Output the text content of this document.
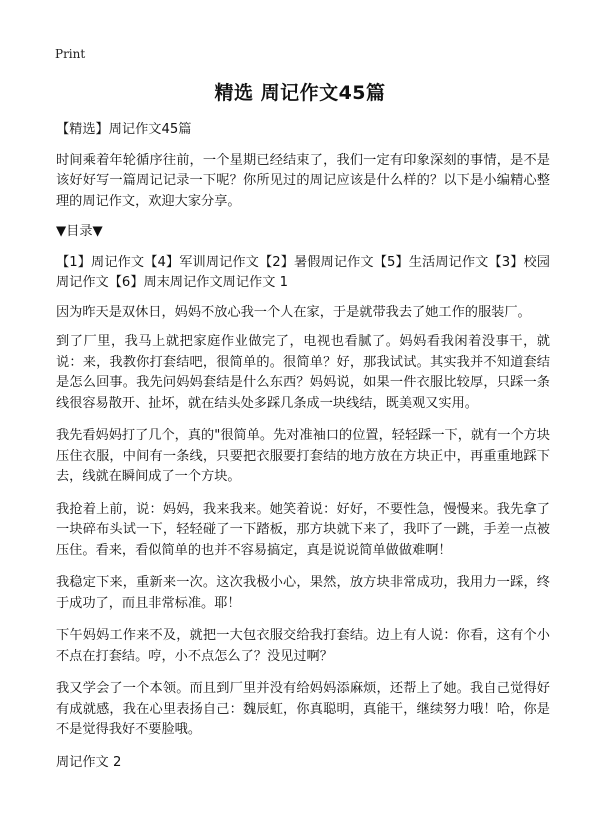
Print
精选 周记作文45篇

【精选】周记作文45篇

时间乘着年轮循序往前，一个星期已经结束了，我们一定有印象深刻的事情，是不是该好好写一篇周记记录一下呢？你所见过的周记应该是什么样的？以下是小编精心整理的周记作文，欢迎大家分享。

▼目录▼

【1】周记作文【4】军训周记作文【2】暑假周记作文【5】生活周记作文【3】校园周记作文【6】周末周记作文周记作文 1

因为昨天是双休日，妈妈不放心我一个人在家，于是就带我去了她工作的服装厂。

到了厂里，我马上就把家庭作业做完了，电视也看腻了。妈妈看我闲着没事干，就说：来，我教你打套结吧，很简单的。很简单？好，那我试试。其实我并不知道套结是怎么回事。我先问妈妈套结是什么东西？妈妈说，如果一件衣服比较厚，只踩一条线很容易散开、扯坏，就在结头处多踩几条成一块线结，既美观又实用。

我先看妈妈打了几个，真的"很简单。先对准袖口的位置，轻轻踩一下，就有一个方块压住衣服，中间有一条线，只要把衣服要打套结的地方放在方块正中，再重重地踩下去，线就在瞬间成了一个方块。

我抢着上前，说：妈妈，我来我来。她笑着说：好好，不要性急，慢慢来。我先拿了一块碎布头试一下，轻轻碰了一下踏板，那方块就下来了，我吓了一跳，手差一点被压住。看来，看似简单的也并不容易搞定，真是说说简单做做难啊！

我稳定下来，重新来一次。这次我极小心，果然，放方块非常成功，我用力一踩，终于成功了，而且非常标准。耶！

下午妈妈工作来不及，就把一大包衣服交给我打套结。边上有人说：你看，这有个小不点在打套结。哼，小不点怎么了？没见过啊？

我又学会了一个本领。而且到厂里并没有给妈妈添麻烦，还帮上了她。我自己觉得好有成就感，我在心里表扬自己：魏辰虹，你真聪明，真能干，继续努力哦！哈，你是不是觉得我好不要脸哦。

周记作文 2
